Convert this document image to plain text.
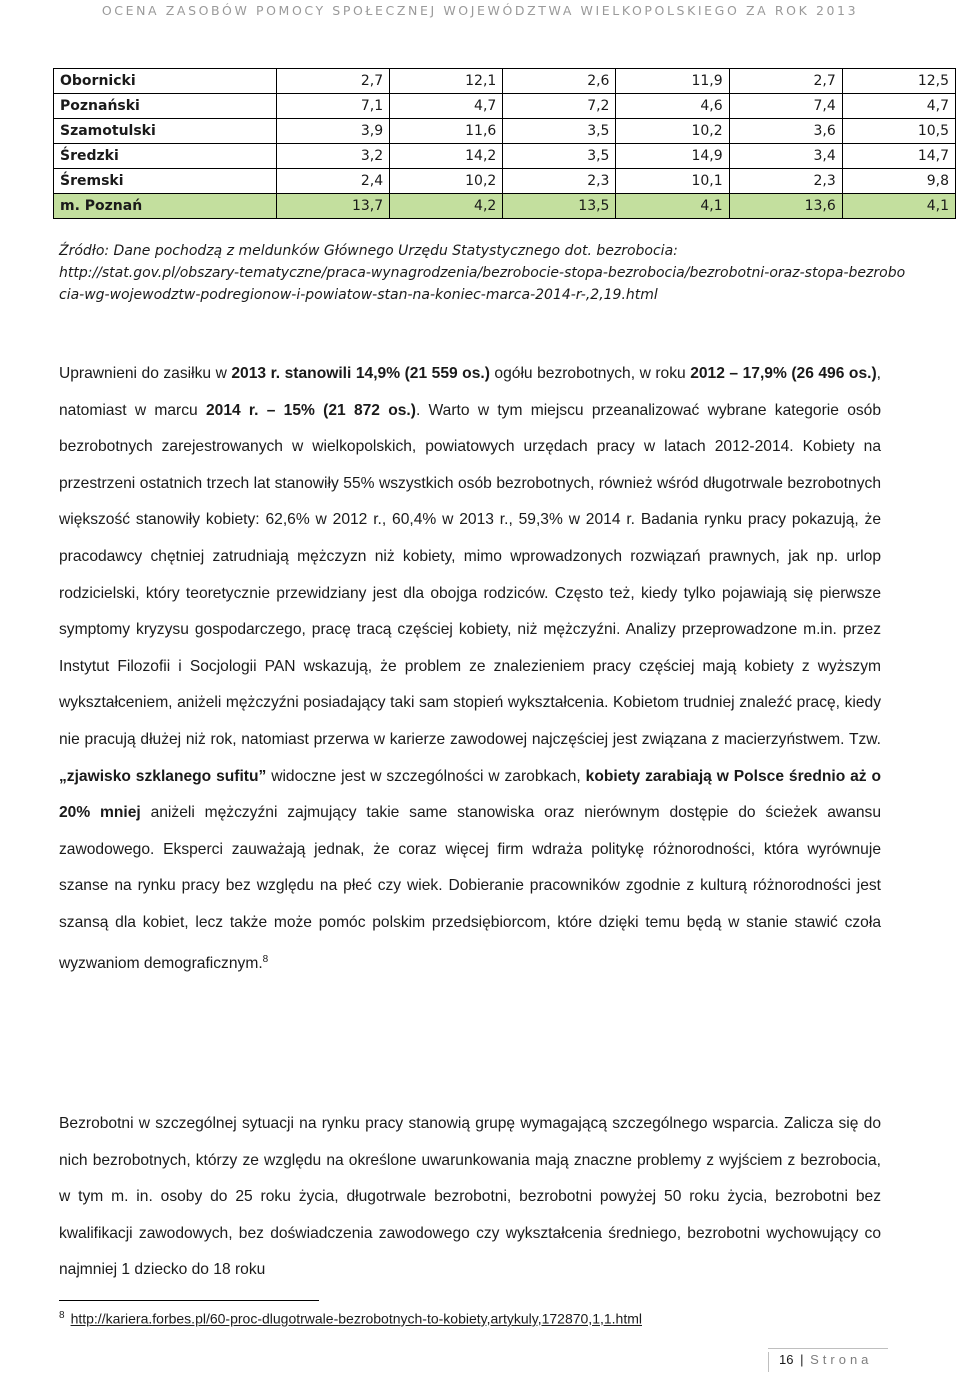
OCENA ZASOBÓW POMOCY SPOŁECZNEJ WOJEWÓDZTWA WIELKOPOLSKIEGO ZA ROK 2013
Obornicki	2,7	12,1	2,6	11,9	2,7	12,5
Poznański	7,1	4,7	7,2	4,6	7,4	4,7
Szamotulski	3,9	11,6	3,5	10,2	3,6	10,5
Średzki	3,2	14,2	3,5	14,9	3,4	14,7
Śremski	2,4	10,2	2,3	10,1	2,3	9,8
m. Poznań	13,7	4,2	13,5	4,1	13,6	4,1
Źródło: Dane pochodzą z meldunków Głównego Urzędu Statystycznego dot. bezrobocia:
http://stat.gov.pl/obszary-tematyczne/praca-wynagrodzenia/bezrobocie-stopa-bezrobocia/bezrobotni-oraz-stopa-bezrobocia-wg-wojewodztw-podregionow-i-powiatow-stan-na-koniec-marca-2014-r-,2,19.html
Uprawnieni do zasiłku w 2013 r. stanowili 14,9% (21 559 os.) ogółu bezrobotnych, w roku 2012 – 17,9% (26 496 os.), natomiast w marcu 2014 r. – 15% (21 872 os.). Warto w tym miejscu przeanalizować wybrane kategorie osób bezrobotnych zarejestrowanych w wielkopolskich, powiatowych urzędach pracy w latach 2012-2014. Kobiety na przestrzeni ostatnich trzech lat stanowiły 55% wszystkich osób bezrobotnych, również wśród długotrwale bezrobotnych większość stanowiły kobiety: 62,6% w 2012 r., 60,4% w 2013 r., 59,3% w 2014 r. Badania rynku pracy pokazują, że pracodawcy chętniej zatrudniają mężczyzn niż kobiety, mimo wprowadzonych rozwiązań prawnych, jak np. urlop rodzicielski, który teoretycznie przewidziany jest dla obojga rodziców. Często też, kiedy tylko pojawiają się pierwsze symptomy kryzysu gospodarczego, pracę tracą częściej kobiety, niż mężczyźni. Analizy przeprowadzone m.in. przez Instytut Filozofii i Socjologii PAN wskazują, że problem ze znalezieniem pracy częściej mają kobiety z wyższym wykształceniem, aniżeli mężczyźni posiadający taki sam stopień wykształcenia. Kobietom trudniej znaleźć pracę, kiedy nie pracują dłużej niż rok, natomiast przerwa w karierze zawodowej najczęściej jest związana z macierzyństwem. Tzw. „zjawisko szklanego sufitu” widoczne jest w szczególności w zarobkach, kobiety zarabiają w Polsce średnio aż o 20% mniej aniżeli mężczyźni zajmujący takie same stanowiska oraz nierównym dostępie do ścieżek awansu zawodowego. Eksperci zauważają jednak, że coraz więcej firm wdraża politykę różnorodności, która wyrównuje szanse na rynku pracy bez względu na płeć czy wiek. Dobieranie pracowników zgodnie z kulturą różnorodności jest szansą dla kobiet, lecz także może pomóc polskim przedsiębiorcom, które dzięki temu będą w stanie stawić czoła wyzwaniom demograficznym.$^8$
Bezrobotni w szczególnej sytuacji na rynku pracy stanowią grupę wymagającą szczególnego wsparcia. Zalicza się do nich bezrobotnych, którzy ze względu na określone uwarunkowania mają znaczne problemy z wyjściem z bezrobocia, w tym m. in. osoby do 25 roku życia, długotrwale bezrobotni, bezrobotni powyżej 50 roku życia, bezrobotni bez kwalifikacji zawodowych, bez doświadczenia zawodowego czy wykształcenia średniego, bezrobotni wychowujący co najmniej 1 dziecko do 18 roku
$^8$ http://kariera.forbes.pl/60-proc-dlugotrwale-bezrobotnych-to-kobiety,artykuly,172870,1,1.html
16 | Strona
